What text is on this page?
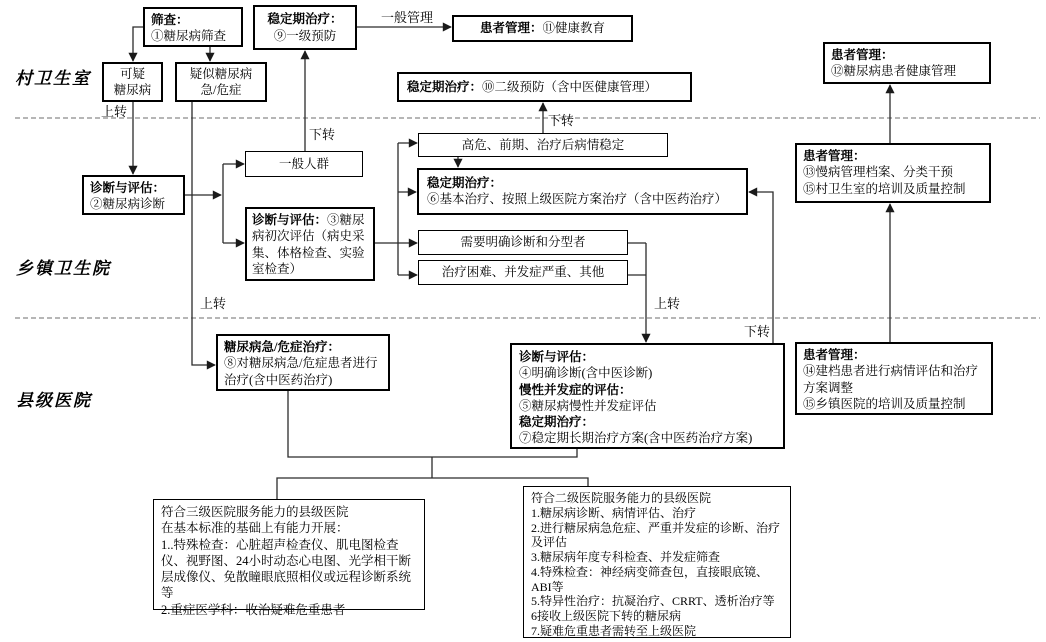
村卫生室
乡镇卫生院
县级医院
上转
一般管理
下转
下转
上转	上转
下转
筛查：
①糖尿病筛查
可疑
糖尿病
疑似糖尿病
急/危症
稳定期治疗：
⑨一级预防
患者管理： ⑪健康教育
稳定期治疗： ⑩二级预防（含中医健康管理）
患者管理：
⑫糖尿病患者健康管理
诊断与评估：
②糖尿病诊断
一般人群
诊断与评估：③糖尿病初次评估（病史采集、体格检查、实验室检查）
高危、前期、治疗后病情稳定
稳定期治疗：
⑥基本治疗、按照上级医院方案治疗（含中医药治疗）
需要明确诊断和分型者
治疗困难、并发症严重、其他
患者管理：
⑬慢病管理档案、分类干预
⑮村卫生室的培训及质量控制
糖尿病急/危症治疗：
⑧对糖尿病急/危症患者进行治疗(含中医药治疗)
诊断与评估：
④明确诊断(含中医诊断)
慢性并发症的评估：
⑤糖尿病慢性并发症评估
稳定期治疗：
⑦稳定期长期治疗方案(含中医药治疗方案)
患者管理：
⑭建档患者进行病情评估和治疗方案调整
⑮乡镇医院的培训及质量控制
符合三级医院服务能力的县级医院
在基本标准的基础上有能力开展：
1..特殊检查：心脏超声检查仪、肌电图检查仪、视野图、24小时动态心电图、光学相干断层成像仪、免散瞳眼底照相仪或远程诊断系统等
2.重症医学科：收治疑难危重患者
符合二级医院服务能力的县级医院
1.糖尿病诊断、病情评估、治疗
2.进行糖尿病急危症、严重并发症的诊断、治疗及评估
3.糖尿病年度专科检查、并发症筛查
4.特殊检查：神经病变筛查包，直接眼底镜、ABI等
5.特异性治疗：抗凝治疗、CRRT、透析治疗等
6接收上级医院下转的糖尿病
7.疑难危重患者需转至上级医院
